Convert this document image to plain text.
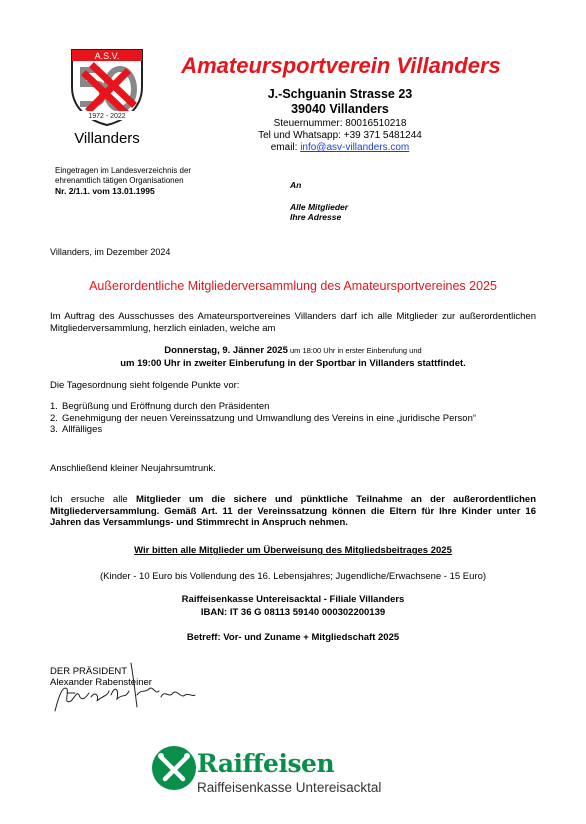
A.S.V.
1972 - 2022
Villanders
Amateursportverein Villanders
J.-Schguanin Strasse 23
39040 Villanders
Steuernummer: 80016510218
Tel und Whatsapp: +39 371 5481244
email: info@asv-villanders.com
Eingetragen im Landesverzeichnis der
ehrenamtlich tätigen Organisationen
Nr. 2/1.1. vom 13.01.1995
An
Alle Mitglieder
Ihre Adresse
Villanders, im Dezember 2024
Außerordentliche Mitgliederversammlung des Amateursportvereines 2025
Im Auftrag des Ausschusses des Amateursportvereines Villanders darf ich alle Mitglieder zur außerordentlichen Mitgliederversammlung, herzlich einladen, welche am
Donnerstag, 9. Jänner 2025 um 18:00 Uhr in erster Einberufung und
um 19:00 Uhr in zweiter Einberufung in der Sportbar in Villanders stattfindet.
Die Tagesordnung sieht folgende Punkte vor:
1. Begrüßung und Eröffnung durch den Präsidenten
2. Genehmigung der neuen Vereinssatzung und Umwandlung des Vereins in eine „juridische Person“
3. Allfälliges
Anschließend kleiner Neujahrsumtrunk.
Ich ersuche alle Mitglieder um die sichere und pünktliche Teilnahme an der außerordentlichen Mitgliederversammlung. Gemäß Art. 11 der Vereinssatzung können die Eltern für Ihre Kinder unter 16 Jahren das Versammlungs- und Stimmrecht in Anspruch nehmen.
Wir bitten alle Mitglieder um Überweisung des Mitgliedsbeitrages 2025
(Kinder - 10 Euro bis Vollendung des 16. Lebensjahres; Jugendliche/Erwachsene - 15 Euro)
Raiffeisenkasse Untereisacktal - Filiale Villanders
IBAN: IT 36 G 08113 59140 000302200139
Betreff: Vor- und Zuname + Mitgliedschaft 2025
DER PRÄSIDENT
Alexander Rabensteiner
Raiffeisen
Raiffeisenkasse Untereisacktal
